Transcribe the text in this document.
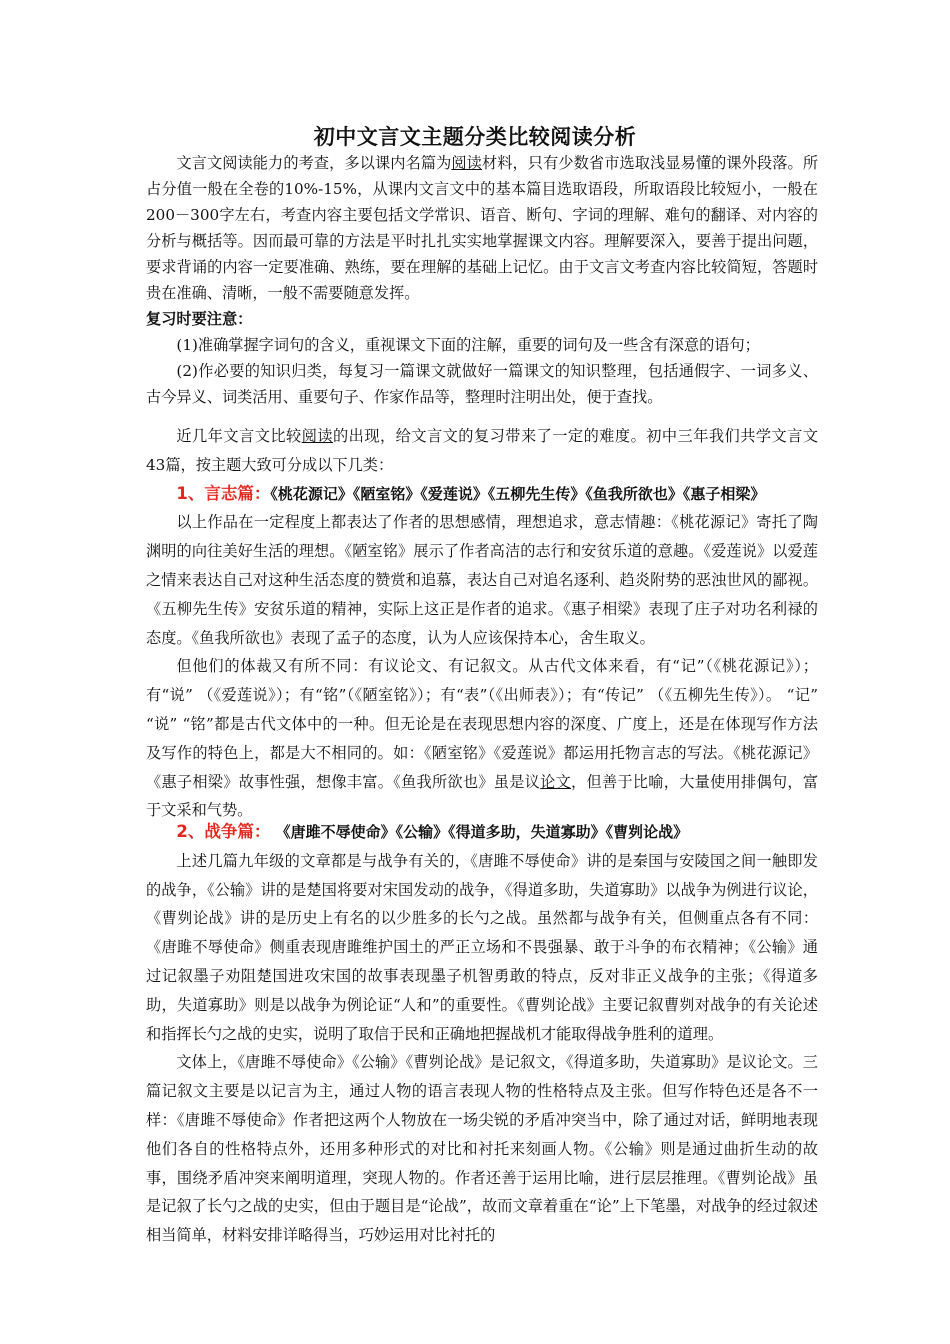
初中文言文主题分类比较阅读分析

文言文阅读能力的考查，多以课内名篇为阅读材料，只有少数省市选取浅显易懂的课外段落。所占分值一般在全卷的10%-15%，从课内文言文中的基本篇目选取语段，所取语段比较短小，一般在200－300字左右，考查内容主要包括文学常识、语音、断句、字词的理解、难句的翻译、对内容的分析与概括等。因而最可靠的方法是平时扎扎实实地掌握课文内容。理解要深入，要善于提出问题，要求背诵的内容一定要准确、熟练，要在理解的基础上记忆。由于文言文考查内容比较简短，答题时贵在准确、清晰，一般不需要随意发挥。

复习时要注意：

(1)准确掌握字词句的含义，重视课文下面的注解，重要的词句及一些含有深意的语句；

(2)作必要的知识归类，每复习一篇课文就做好一篇课文的知识整理，包括通假字、一词多义、古今异义、词类活用、重要句子、作家作品等，整理时注明出处，便于查找。

近几年文言文比较阅读的出现，给文言文的复习带来了一定的难度。初中三年我们共学文言文43篇，按主题大致可分成以下几类：

1、言志篇：《桃花源记》《陋室铭》《爱莲说》《五柳先生传》《鱼我所欲也》《惠子相梁》

以上作品在一定程度上都表达了作者的思想感情，理想追求，意志情趣：《桃花源记》寄托了陶渊明的向往美好生活的理想。《陋室铭》展示了作者高洁的志行和安贫乐道的意趣。《爱莲说》以爱莲之情来表达自己对这种生活态度的赞赏和追慕，表达自己对追名逐利、趋炎附势的恶浊世风的鄙视。《五柳先生传》安贫乐道的精神，实际上这正是作者的追求。《惠子相梁》表现了庄子对功名利禄的态度。《鱼我所欲也》表现了孟子的态度，认为人应该保持本心，舍生取义。

但他们的体裁又有所不同：有议论文、有记叙文。从古代文体来看，有“记”（《桃花源记》）；有“说” （《爱莲说》）；有“铭”（《陋室铭》）；有“表”（《出师表》）；有“传记” （《五柳先生传》）。 “记” “说” “铭”都是古代文体中的一种。但无论是在表现思想内容的深度、广度上，还是在体现写作方法及写作的特色上，都是大不相同的。如：《陋室铭》《爱莲说》都运用托物言志的写法。《桃花源记》《惠子相梁》故事性强，想像丰富。《鱼我所欲也》虽是议论文，但善于比喻，大量使用排偶句，富于文采和气势。

2、战争篇： 《唐雎不辱使命》《公输》《得道多助，失道寡助》《曹刿论战》

上述几篇九年级的文章都是与战争有关的，《唐雎不辱使命》讲的是秦国与安陵国之间一触即发的战争，《公输》讲的是楚国将要对宋国发动的战争，《得道多助，失道寡助》以战争为例进行议论，《曹刿论战》讲的是历史上有名的以少胜多的长勺之战。虽然都与战争有关，但侧重点各有不同：《唐雎不辱使命》侧重表现唐雎维护国土的严正立场和不畏强暴、敢于斗争的布衣精神；《公输》通过记叙墨子劝阻楚国进攻宋国的故事表现墨子机智勇敢的特点，反对非正义战争的主张；《得道多助，失道寡助》则是以战争为例论证“人和”的重要性。《曹刿论战》主要记叙曹刿对战争的有关论述和指挥长勺之战的史实，说明了取信于民和正确地把握战机才能取得战争胜利的道理。

文体上，《唐雎不辱使命》《公输》《曹刿论战》是记叙文，《得道多助，失道寡助》是议论文。三篇记叙文主要是以记言为主，通过人物的语言表现人物的性格特点及主张。但写作特色还是各不一样：《唐雎不辱使命》作者把这两个人物放在一场尖锐的矛盾冲突当中，除了通过对话，鲜明地表现他们各自的性格特点外，还用多种形式的对比和衬托来刻画人物。《公输》则是通过曲折生动的故事，围绕矛盾冲突来阐明道理，突现人物的。作者还善于运用比喻，进行层层推理。《曹刿论战》虽是记叙了长勺之战的史实，但由于题目是“论战”，故而文章着重在“论”上下笔墨，对战争的经过叙述相当简单，材料安排详略得当，巧妙运用对比衬托的
